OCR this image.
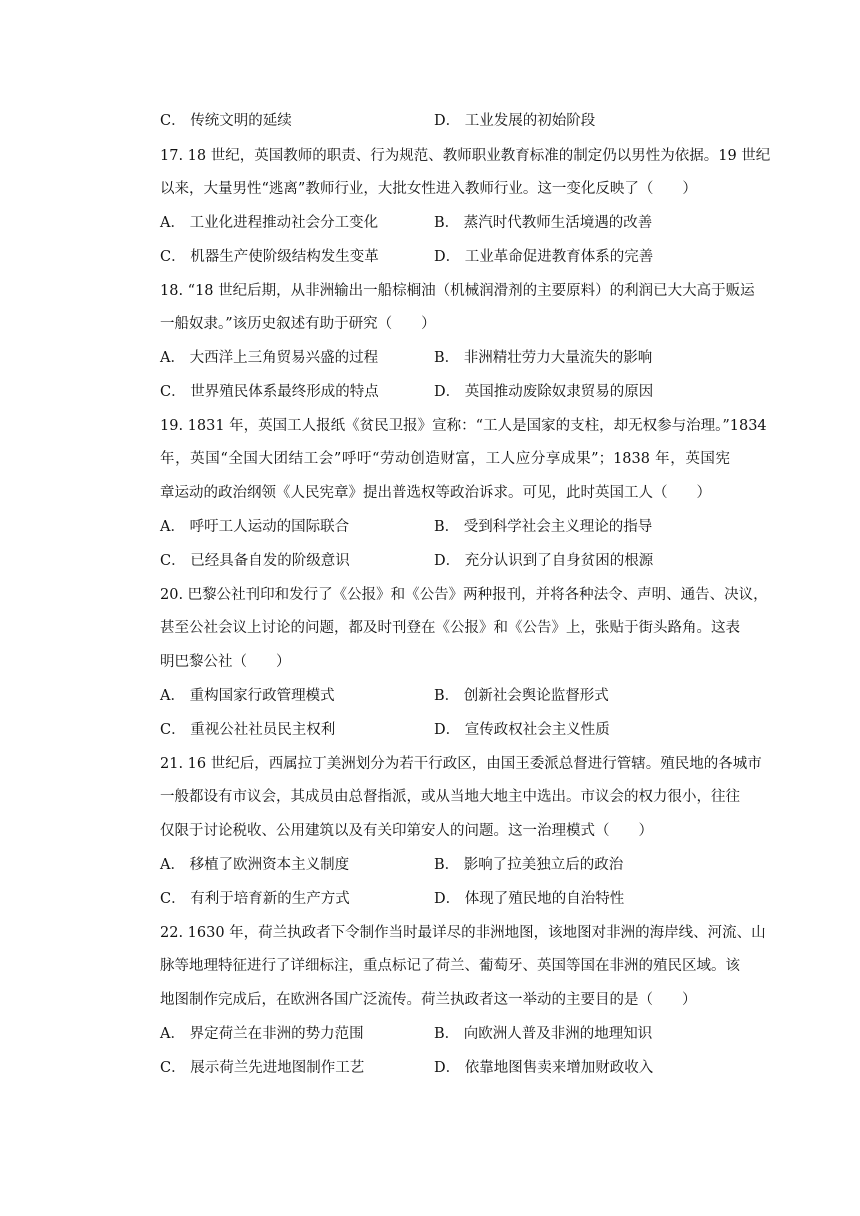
C． 传统文明的延续	D． 工业发展的初始阶段
17. 18 世纪，英国教师的职责、行为规范、教师职业教育标准的制定仍以男性为依据。19 世纪
以来，大量男性“逃离”教师行业，大批女性进入教师行业。这一变化反映了（　　）
A． 工业化进程推动社会分工变化	B． 蒸汽时代教师生活境遇的改善
C． 机器生产使阶级结构发生变革	D． 工业革命促进教育体系的完善
18. “18 世纪后期，从非洲输出一船棕榈油（机械润滑剂的主要原料）的利润已大大高于贩运
一船奴隶。”该历史叙述有助于研究（　　）
A． 大西洋上三角贸易兴盛的过程	B． 非洲精壮劳力大量流失的影响
C． 世界殖民体系最终形成的特点	D． 英国推动废除奴隶贸易的原因
19. 1831 年，英国工人报纸《贫民卫报》宣称：“工人是国家的支柱，却无权参与治理。”1834
年，英国“全国大团结工会”呼吁“劳动创造财富，工人应分享成果”；1838 年，英国宪
章运动的政治纲领《人民宪章》提出普选权等政治诉求。可见，此时英国工人（　　）
A． 呼吁工人运动的国际联合	B． 受到科学社会主义理论的指导
C． 已经具备自发的阶级意识	D． 充分认识到了自身贫困的根源
20. 巴黎公社刊印和发行了《公报》和《公告》两种报刊，并将各种法令、声明、通告、决议，
甚至公社会议上讨论的问题，都及时刊登在《公报》和《公告》上，张贴于街头路角。这表
明巴黎公社（　　）
A． 重构国家行政管理模式	B． 创新社会舆论监督形式
C． 重视公社社员民主权利	D． 宣传政权社会主义性质
21. 16 世纪后，西属拉丁美洲划分为若干行政区，由国王委派总督进行管辖。殖民地的各城市
一般都设有市议会，其成员由总督指派，或从当地大地主中选出。市议会的权力很小，往往
仅限于讨论税收、公用建筑以及有关印第安人的问题。这一治理模式（　　）
A． 移植了欧洲资本主义制度	B． 影响了拉美独立后的政治
C． 有利于培育新的生产方式	D． 体现了殖民地的自治特性
22. 1630 年，荷兰执政者下令制作当时最详尽的非洲地图，该地图对非洲的海岸线、河流、山
脉等地理特征进行了详细标注，重点标记了荷兰、葡萄牙、英国等国在非洲的殖民区域。该
地图制作完成后，在欧洲各国广泛流传。荷兰执政者这一举动的主要目的是（　　）
A． 界定荷兰在非洲的势力范围	B． 向欧洲人普及非洲的地理知识
C． 展示荷兰先进地图制作工艺	D． 依靠地图售卖来增加财政收入
